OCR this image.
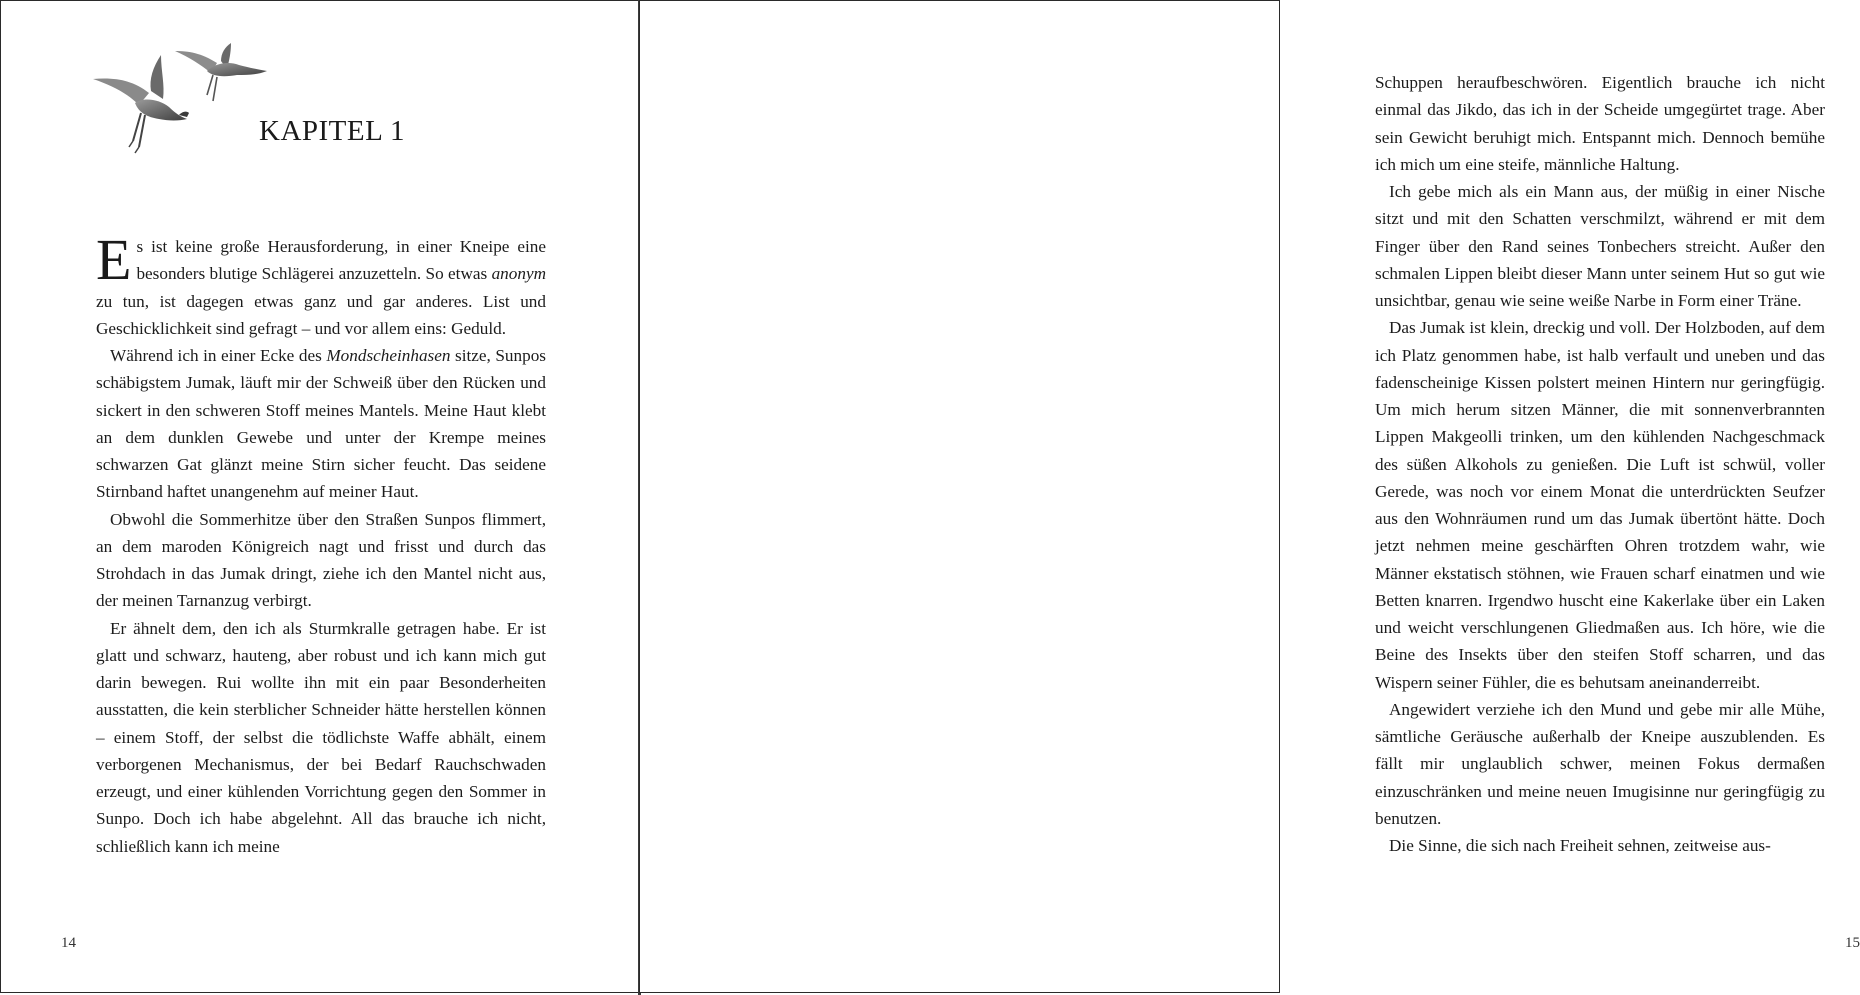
KAPITEL 1

Es ist keine große Herausforderung, in einer Kneipe eine besonders blutige Schlägerei anzuzetteln. So etwas anonym zu tun, ist dagegen etwas ganz und gar anderes. List und Geschicklichkeit sind gefragt – und vor allem eins: Geduld.

Während ich in einer Ecke des Mondscheinhasen sitze, Sunpos schäbigstem Jumak, läuft mir der Schweiß über den Rücken und sickert in den schweren Stoff meines Mantels. Meine Haut klebt an dem dunklen Gewebe und unter der Krempe meines schwarzen Gat glänzt meine Stirn sicher feucht. Das seidene Stirnband haftet unangenehm auf meiner Haut.

Obwohl die Sommerhitze über den Straßen Sunpos flimmert, an dem maroden Königreich nagt und frisst und durch das Strohdach in das Jumak dringt, ziehe ich den Mantel nicht aus, der meinen Tarnanzug verbirgt.

Er ähnelt dem, den ich als Sturmkralle getragen habe. Er ist glatt und schwarz, hauteng, aber robust und ich kann mich gut darin bewegen. Rui wollte ihn mit ein paar Besonderheiten ausstatten, die kein sterblicher Schneider hätte herstellen können – einem Stoff, der selbst die tödlichste Waffe abhält, einem verborgenen Mechanismus, der bei Bedarf Rauchschwaden erzeugt, und einer kühlenden Vorrichtung gegen den Sommer in Sunpo. Doch ich habe abgelehnt. All das brauche ich nicht, schließlich kann ich meine

14

Schuppen heraufbeschwören. Eigentlich brauche ich nicht einmal das Jikdo, das ich in der Scheide umgegürtet trage. Aber sein Gewicht beruhigt mich. Entspannt mich. Dennoch bemühe ich mich um eine steife, männliche Haltung.

Ich gebe mich als ein Mann aus, der müßig in einer Nische sitzt und mit den Schatten verschmilzt, während er mit dem Finger über den Rand seines Tonbechers streicht. Außer den schmalen Lippen bleibt dieser Mann unter seinem Hut so gut wie unsichtbar, genau wie seine weiße Narbe in Form einer Träne.

Das Jumak ist klein, dreckig und voll. Der Holzboden, auf dem ich Platz genommen habe, ist halb verfault und uneben und das fadenscheinige Kissen polstert meinen Hintern nur geringfügig. Um mich herum sitzen Männer, die mit sonnenverbrannten Lippen Makgeolli trinken, um den kühlenden Nachgeschmack des süßen Alkohols zu genießen. Die Luft ist schwül, voller Gerede, was noch vor einem Monat die unterdrückten Seufzer aus den Wohnräumen rund um das Jumak übertönt hätte. Doch jetzt nehmen meine geschärften Ohren trotzdem wahr, wie Männer ekstatisch stöhnen, wie Frauen scharf einatmen und wie Betten knarren. Irgendwo huscht eine Kakerlake über ein Laken und weicht verschlungenen Gliedmaßen aus. Ich höre, wie die Beine des Insekts über den steifen Stoff scharren, und das Wispern seiner Fühler, die es behutsam aneinanderreibt.

Angewidert verziehe ich den Mund und gebe mir alle Mühe, sämtliche Geräusche außerhalb der Kneipe auszublenden. Es fällt mir unglaublich schwer, meinen Fokus dermaßen einzuschränken und meine neuen Imugisinne nur geringfügig zu benutzen.

Die Sinne, die sich nach Freiheit sehnen, zeitweise aus-

15
